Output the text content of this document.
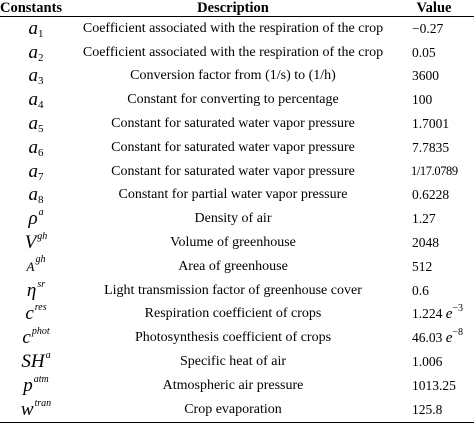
Constants	Description	Value
$a_1$	Coefficient associated with the respiration of the crop	−0.27
$a_2$	Coefficient associated with the respiration of the crop	0.05
$a_3$	Conversion factor from (1/s) to (1/h)	3600
$a_4$	Constant for converting to percentage	100
$a_5$	Constant for saturated water vapor pressure	1.7001
$a_6$	Constant for saturated water vapor pressure	7.7835
$a_7$	Constant for saturated water vapor pressure	1/17.0789
$a_8$	Constant for partial water vapor pressure	0.6228
$\rho^a$	Density of air	1.27
$V^{gh}$	Volume of greenhouse	2048
$A^{gh}$	Area of greenhouse	512
$\eta^{sr}$	Light transmission factor of greenhouse cover	0.6
$c^{res}$	Respiration coefficient of crops	1.224 $e^{-3}$
$c^{phot}$	Photosynthesis coefficient of crops	46.03 $e^{-8}$
$SH^a$	Specific heat of air	1.006
$p^{atm}$	Atmospheric air pressure	1013.25
$w^{tran}$	Crop evaporation	125.8
